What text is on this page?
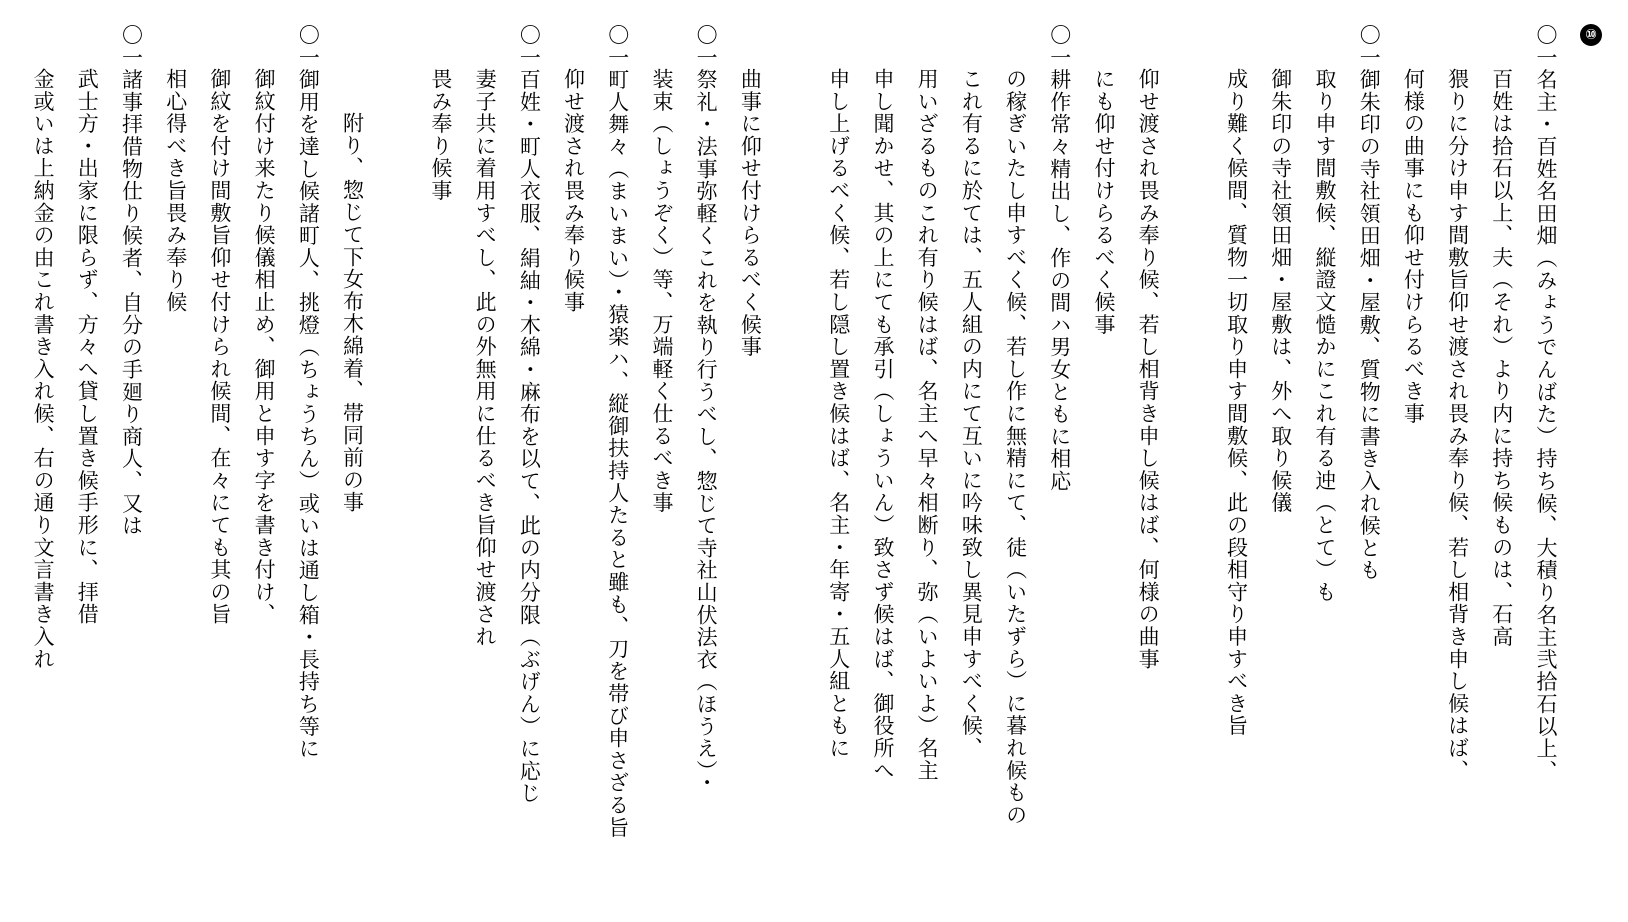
⑩
〇一名主・百姓名田畑（みょうでんばた）持ち候、大積り名主弐拾石以上、
百姓は拾石以上、夫（それ）より内に持ち候ものは、石高
猥りに分け申す間敷旨仰せ渡され畏み奉り候、若し相背き申し候はば、
何様の曲事にも仰せ付けらるべき事
〇一御朱印の寺社領田畑・屋敷、質物に書き入れ候とも
取り申す間敷候、縦證文慥かにこれ有る迚（とて）も
御朱印の寺社領田畑・屋敷は、外へ取り候儀
成り難く候間、質物一切取り申す間敷候、此の段相守り申すべき旨

仰せ渡され畏み奉り候、若し相背き申し候はば、何様の曲事
にも仰せ付けらるべく候事
〇一耕作常々精出し、作の間ハ男女ともに相応
の稼ぎいたし申すべく候、若し作に無精にて、徒（いたずら）に暮れ候もの
これ有るに於ては、五人組の内にて互いに吟味致し異見申すべく候、
用いざるものこれ有り候はば、名主へ早々相断り、弥（いよいよ）名主
申し聞かせ、其の上にても承引（しょういん）致さず候はば、御役所へ
申し上げるべく候、若し隠し置き候はば、名主・年寄・五人組ともに

曲事に仰せ付けらるべく候事
〇一祭礼・法事弥軽くこれを執り行うべし、惣じて寺社山伏法衣（ほうえ）・
装束（しょうぞく）等、万端軽く仕るべき事
〇一町人舞々（まいまい）・猿楽ハ、縦御扶持人たると雖も、刀を帯び申さざる旨
仰せ渡され畏み奉り候事
〇一百姓・町人衣服、絹紬・木綿・麻布を以て、此の内分限（ぶげん）に応じ
妻子共に着用すべし、此の外無用に仕るべき旨仰せ渡され
畏み奉り候事

附り、惣じて下女布木綿着、帯同前の事
〇一御用を達し候諸町人、挑燈（ちょうちん）或いは通し箱・長持ち等に
御紋付け来たり候儀相止め、御用と申す字を書き付け、
御紋を付け間敷旨仰せ付けられ候間、在々にても其の旨
相心得べき旨畏み奉り候
〇一諸事拝借物仕り候者、自分の手廻り商人、又は
武士方・出家に限らず、方々へ貸し置き候手形に、拝借
金或いは上納金の由これ書き入れ候、右の通り文言書き入れ
